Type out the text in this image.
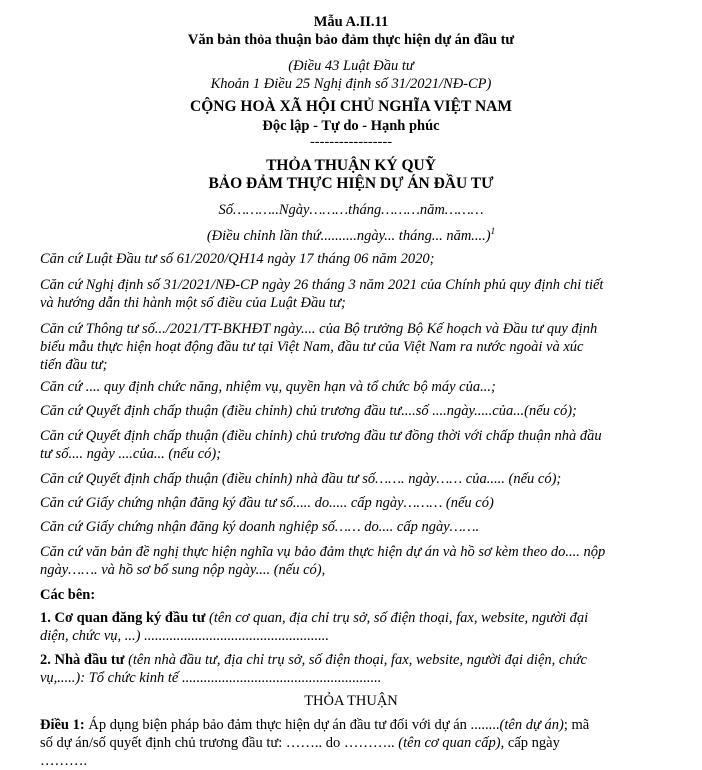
Mẫu A.II.11
Văn bản thỏa thuận bảo đảm thực hiện dự án đầu tư
(Điều 43 Luật Đầu tư
Khoản 1 Điều 25 Nghị định số 31/2021/NĐ-CP)
CỘNG HOÀ XÃ HỘI CHỦ NGHĨA VIỆT NAM
Độc lập - Tự do - Hạnh phúc
-----------------
THỎA THUẬN KÝ QUỸ
BẢO ĐẢM THỰC HIỆN DỰ ÁN ĐẦU TƯ
Số………..Ngày………tháng………năm………
(Điều chỉnh lần thứ..........ngày... tháng... năm....)$^1$
Căn cứ Luật Đầu tư số 61/2020/QH14 ngày 17 tháng 06 năm 2020;
Căn cứ Nghị định số 31/2021/NĐ-CP ngày 26 tháng 3 năm 2021 của Chính phủ quy định chi tiết
và hướng dẫn thi hành một số điều của Luật Đầu tư;
Căn cứ Thông tư số.../2021/TT-BKHĐT ngày.... của Bộ trưởng Bộ Kế hoạch và Đầu tư quy định
biểu mẫu thực hiện hoạt động đầu tư tại Việt Nam, đầu tư của Việt Nam ra nước ngoài và xúc
tiến đầu tư;
Căn cứ .... quy định chức năng, nhiệm vụ, quyền hạn và tổ chức bộ máy của...;
Căn cứ Quyết định chấp thuận (điều chỉnh) chủ trương đầu tư....số ....ngày.....của...(nếu có);
Căn cứ Quyết định chấp thuận (điều chỉnh) chủ trương đầu tư đồng thời với chấp thuận nhà đầu
tư số.... ngày ....của... (nếu có);
Căn cứ Quyết định chấp thuận (điều chỉnh) nhà đầu tư số……. ngày…… của..... (nếu có);
Căn cứ Giấy chứng nhận đăng ký đầu tư số..... do..... cấp ngày……… (nếu có)
Căn cứ Giấy chứng nhận đăng ký doanh nghiệp số…… do.... cấp ngày…….
Căn cứ văn bản đề nghị thực hiện nghĩa vụ bảo đảm thực hiện dự án và hồ sơ kèm theo do.... nộp
ngày……. và hồ sơ bổ sung nộp ngày.... (nếu có),
Các bên:
1. Cơ quan đăng ký đầu tư (tên cơ quan, địa chỉ trụ sở, số điện thoại, fax, website, người đại
diện, chức vụ, ...) ...................................................
2. Nhà đầu tư (tên nhà đầu tư, địa chỉ trụ sở, số điện thoại, fax, website, người đại diện, chức
vụ,.....): Tổ chức kinh tế .......................................................
THỎA THUẬN
Điều 1: Áp dụng biện pháp bảo đảm thực hiện dự án đầu tư đối với dự án ........(tên dự án); mã
số dự án/số quyết định chủ trương đầu tư: …….. do ……….. (tên cơ quan cấp), cấp ngày
……….
